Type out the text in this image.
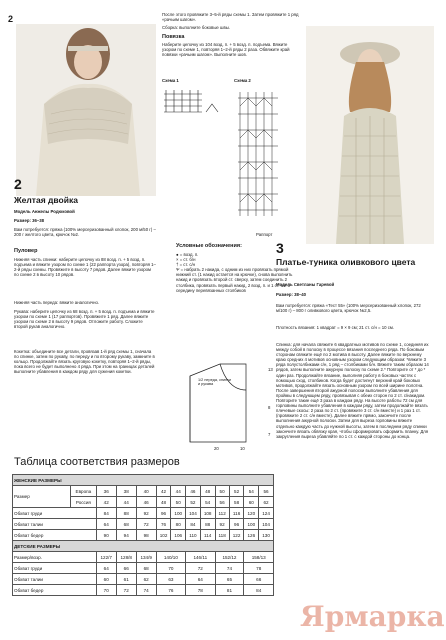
2
2
Желтая двойка
Модель Анжелы Родюковой
Размер: 36–38
Вам потребуется: пряжа (100% мерсеризованный хлопок, 200 м/50 г) – 200 г желтого цвета, крючок №2.
Пуловер
Нижняя часть спинки: наберите цепочку из 88 возд. п. + 5 возд. п. подъема и вяжите узором по схеме 1 (22 раппорта узора), повторяя 1–2-й ряды схемы. Провяжите в высоту 7 рядов. Далее вяжите узором по схеме 2 в высоту 10 рядов.
Нижняя часть переда: вяжите аналогично.
Рукава: наберите цепочку из 68 возд. п. + 5 возд. п. подъема и вяжите узором по схеме 1 (17 раппортов). Провяжите 1 ряд. Далее вяжите узором по схеме 2 в высоту 9 рядов. Отложите работу. Сложите второй рукав аналогично.
Кокетка: объедините все детали, провязав 1-й ряд схемы 1, сначала по спинке, затем по рукаву, по переду и по второму рукаву, замкните в кольцо. Продолжайте вязать круговую кокетку, повторяя 1–2-й ряды, пока всего не будет выполнено 4 ряда. При этом на границах деталей выполните убавления в каждом ряду для сужения кокетки.
После этого провяжите 3–5-й ряды схемы 1. Затем провяжите 1 ряд «рачьим шагом».
Сборка: выполните боковые швы.
Повязка
Наберите цепочку из 104 возд. п. + 5 возд. п. подъема. Вяжите узором по схеме 1, повторяя 1–2-й ряды 2 раза. Обвяжите край повязки «рачьим шагом». Выполните шов.
Схема 1	Схема 2
Раппорт
Условные обозначения:
● = возд. п.
× = ст. б/н
† = ст. с/н
Ѱ = набрать 2 накида, с одним из них провязать прямой нижний ст. (1 накид остается на крючке), снова выполнить накид и провязать второй ст. сверху, затем соединить 2 столбика, провязать первый накид, 2 возд. п. и 1 ст. с/н в середину перевязанных столбиков
1/2 переда, спинки и рукава
13
8
7
20	10
3
Платье-туника оливкового цвета
Модель Светланы Гаревой
Размер: 38–40
Вам потребуется: пряжа «Тест 55» (100% мерсеризованный хлопок, 272 м/100 г) – 800 г оливкового цвета, крючок №2,5.
Плотность вязания: 1 квадрат = 9 × 9 см; 21 ст. с/н = 10 см.
Спинка: для начала свяжите 6 квадратных мотивов по схеме 1, соединяя их между собой в полоску в процессе вязания последнего ряда. По боковым сторонам свяжите ещё по 2 мотива в высоту. Далее вяжите по верхнему краю средних 4 мотивов основным узором следующим образом: *вяжите 3 ряда полустолбиками с/н, 1 ряд – столбиками б/н. Вяжите таким образом 14 рядов, затем выполните ажурную полоску по схеме 2.* Повторите от * до * один раз. Продолжайте вязание, выполняя работу в боковых частях с помощью сход. столбиков. Когда будет достигнут верхний край боковых мотивов, продолжайте вязать основным узором по всей ширине полотна. После завершения второй ажурной полоски выполните убавления для проймы в следующем ряду, провязывая с обеих сторон по 2 ст. с/накидом. Повторите такие ещё 3 раза в каждом ряду. На высоте работы 72 см для горловины выполните убавления в каждом ряду, затем продолжайте вязать плечевые скосы: 2 раза по 2 ст. (провяжите 3 ст. с/н вместе) и 1 раз 1 ст. (провяжите 2 ст. с/н вместе). Далее вяжите прямо, закончите после выполнения ажурной полоски. Затем для выреза горловины вяжите отдельно каждую часть до нужной высоты, затем в последнем ряду спинки закончите вязать обвязку края, чтобы сформировать оформить планку. Для закругления выреза убавляйте по 1 ст. с каждой стороны до конца.
Ярмарка
Таблица соответствия размеров
ЖЕНСКИЕ РАЗМЕРЫ												
Размер	Европа	36	38	40	42	44	46	48	50	52	54	56
	Россия	42	44	46	48	50	52	54	56	58	60	62
Обхват груди		84	88	92	96	100	104	108	112	116	120	124
Обхват талии		64	68	72	76	80	84	88	92	96	100	104
Обхват бедер		90	94	98	102	106	110	114	118	122	126	130
ДЕТСКИЕ РАЗМЕРЫ												
Размер/возр.		122/7	128/8	134/9	140/10		146/11		152/12		158/13	
Обхват груди		64	66	68	70		72		74		78	
Обхват талии		60	61	62	63		64		65		66	
Обхват бедер		70	72	74	76		78		81		84	
